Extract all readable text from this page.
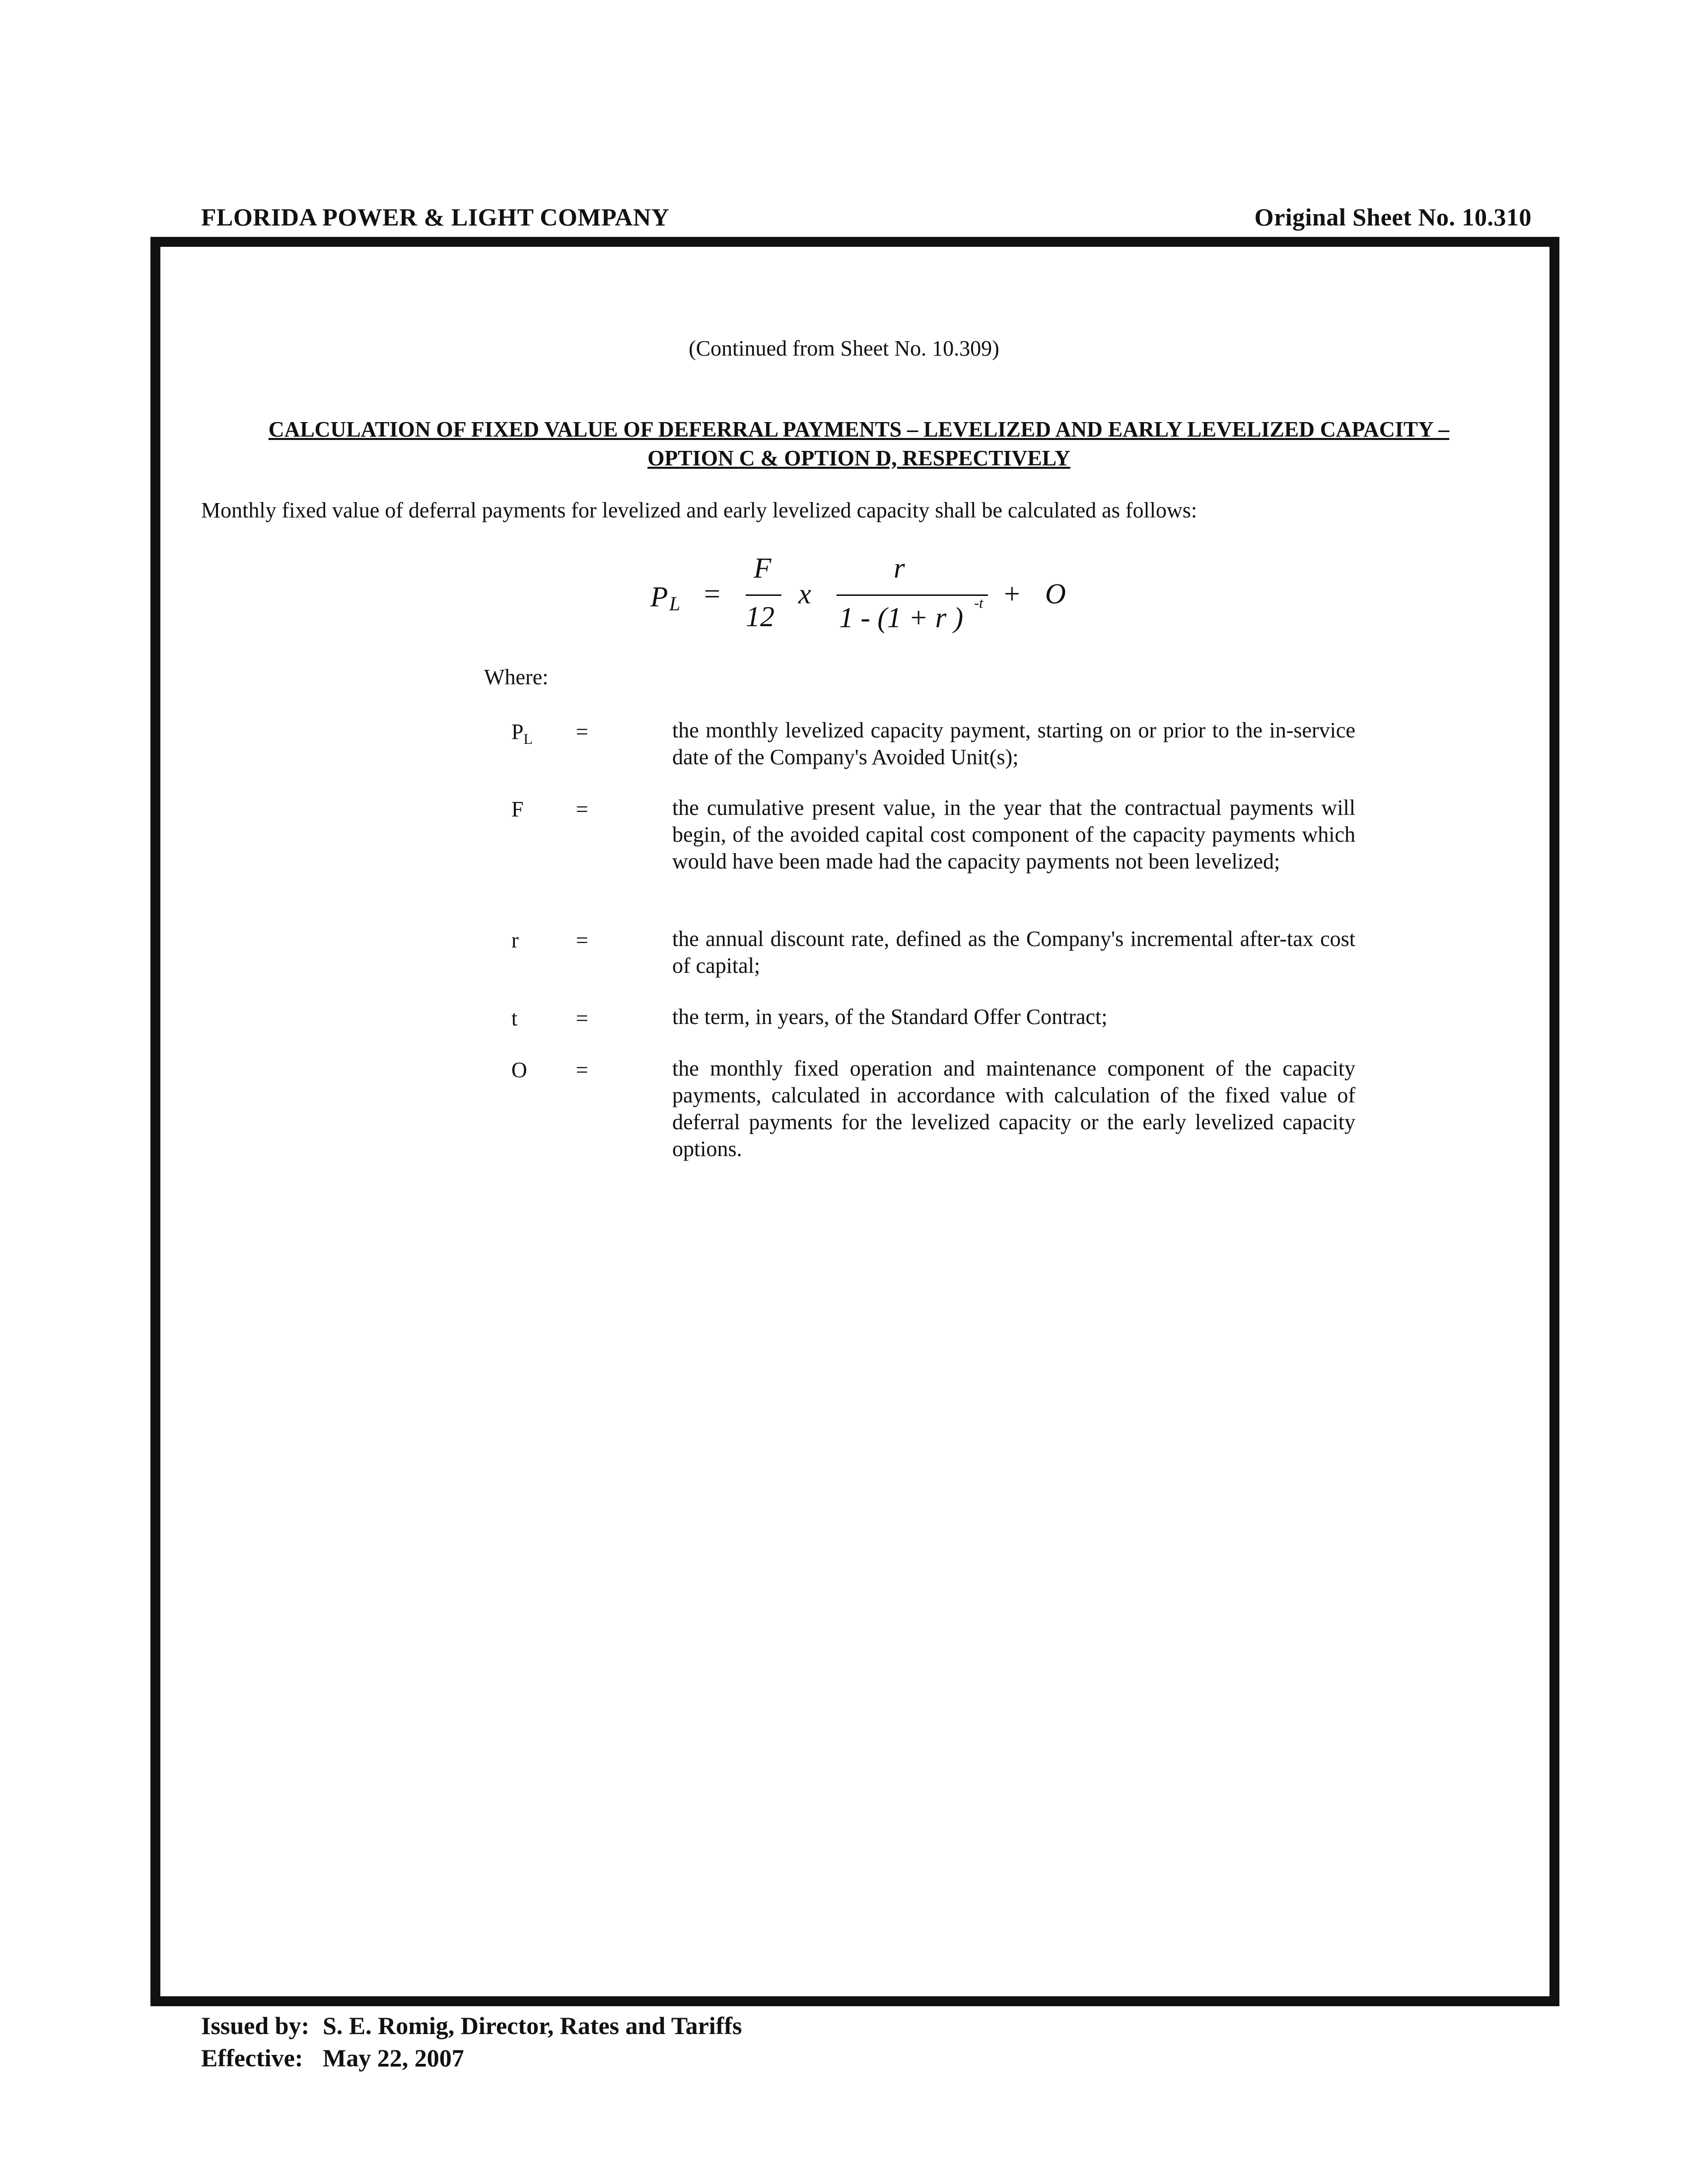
FLORIDA POWER & LIGHT COMPANY	Original Sheet No. 10.310
(Continued from Sheet No. 10.309)
CALCULATION OF FIXED VALUE OF DEFERRAL PAYMENTS – LEVELIZED AND EARLY LEVELIZED CAPACITY –
OPTION C & OPTION D, RESPECTIVELY
Monthly fixed value of deferral payments for levelized and early levelized capacity shall be calculated as follows:
P L =
F
12
x
r
1 - (1 + r ) -t + O
Where:
$P_L$	=	the monthly levelized capacity payment, starting on or prior to the in-service date of the Company's Avoided Unit(s);
F	=	the cumulative present value, in the year that the contractual payments will begin, of the avoided capital cost component of the capacity payments which would have been made had the capacity payments not been levelized;
r	=	the annual discount rate, defined as the Company's incremental after-tax cost of capital;
t	=	the term, in years, of the Standard Offer Contract;
O	=	the monthly fixed operation and maintenance component of the capacity payments, calculated in accordance with calculation of the fixed value of deferral payments for the levelized capacity or the early levelized capacity options.
Issued by: S. E. Romig, Director, Rates and Tariffs
Effective: May 22, 2007
